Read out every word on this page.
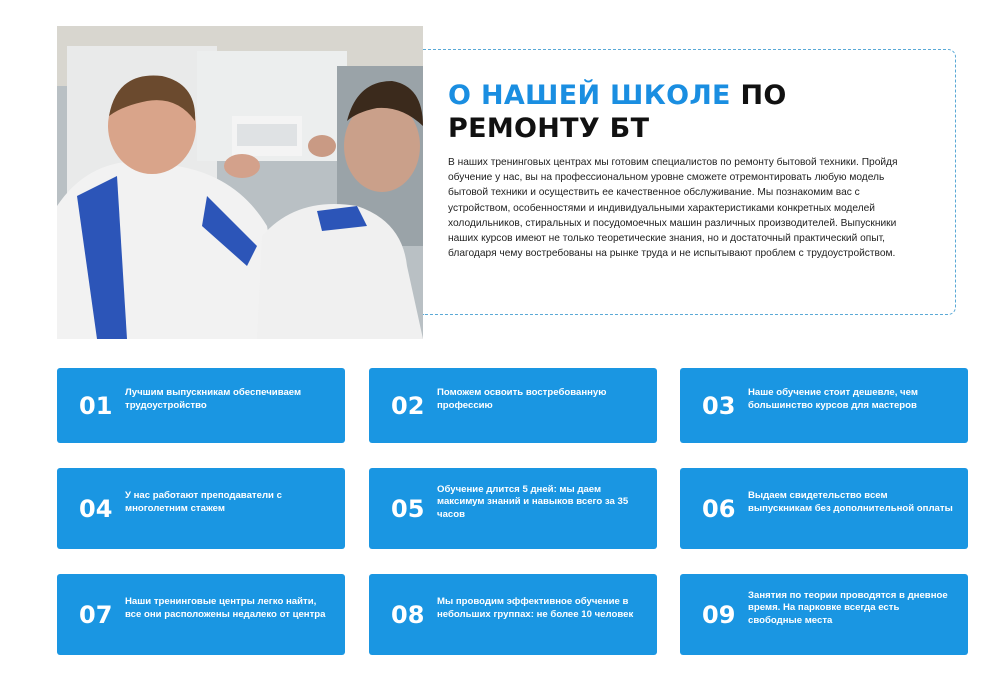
О НАШЕЙ ШКОЛЕ ПО РЕМОНТУ БТ

В наших тренинговых центрах мы готовим специалистов по ремонту бытовой техники. Пройдя обучение у нас, вы на профессиональном уровне сможете отремонтировать любую модель бытовой техники и осуществить ее качественное обслуживание. Мы познакомим вас с устройством, особенностями и индивидуальными характеристиками конкретных моделей холодильников, стиральных и посудомоечных машин различных производителей. Выпускники наших курсов имеют не только теоретические знания, но и достаточный практический опыт, благодаря чему востребованы на рынке труда и не испытывают проблем с трудоустройством.

01	Лучшим выпускникам обеспечиваем трудоустройство	02	Поможем освоить востребованную профессию	03	Наше обучение стоит дешевле, чем большинство курсов для мастеров
04	У нас работают преподаватели с многолетним стажем	05
Обучение длится 5 дней: мы даем максимум знаний и навыков всего за 35 часов	06	Выдаем свидетельство всем выпускникам без дополнительной оплаты
07	Наши тренинговые центры легко найти, все они расположены недалеко от центра	08	Мы проводим эффективное обучение в небольших группах: не более 10 человек	09
Занятия по теории проводятся в дневное время. На парковке всегда есть свободные места
